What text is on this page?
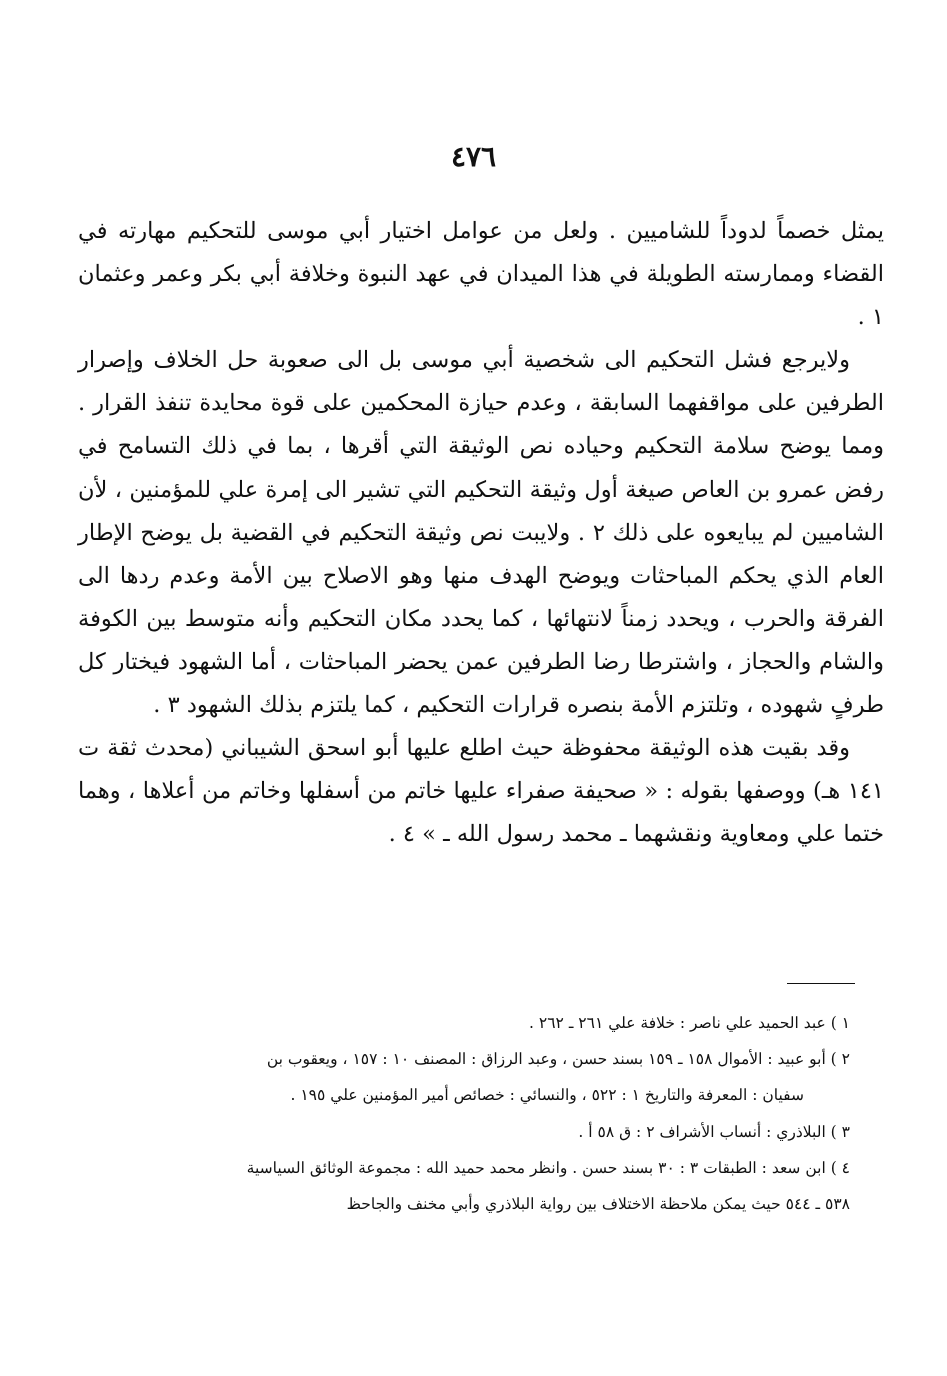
٤٧٦

يمثل خصماً لدوداً للشاميين . ولعل من عوامل اختيار أبي موسى للتحكيم مهارته في القضاء وممارسته الطويلة في هذا الميدان في عهد النبوة وخلافة أبي بكر وعمر وعثمان ١ .

ولايرجع فشل التحكيم الى شخصية أبي موسى بل الى صعوبة حل الخلاف وإصرار الطرفين على مواقفهما السابقة ، وعدم حيازة المحكمين على قوة محايدة تنفذ القرار . ومما يوضح سلامة التحكيم وحياده نص الوثيقة التي أقرها ، بما في ذلك التسامح في رفض عمرو بن العاص صيغة أول وثيقة التحكيم التي تشير الى إمرة علي للمؤمنين ، لأن الشاميين لم يبايعوه على ذلك ٢ . ولايبت نص وثيقة التحكيم في القضية بل يوضح الإطار العام الذي يحكم المباحثات ويوضح الهدف منها وهو الاصلاح بين الأمة وعدم ردها الى الفرقة والحرب ، ويحدد زمناً لانتهائها ، كما يحدد مكان التحكيم وأنه متوسط بين الكوفة والشام والحجاز ، واشترطا رضا الطرفين عمن يحضر المباحثات ، أما الشهود فيختار كل طرفٍ شهوده ، وتلتزم الأمة بنصره قرارات التحكيم ، كما يلتزم بذلك الشهود ٣ .

وقد بقيت هذه الوثيقة محفوظة حيث اطلع عليها أبو اسحق الشيباني (محدث ثقة ت ١٤١ هـ) ووصفها بقوله : « صحيفة صفراء عليها خاتم من أسفلها وخاتم من أعلاها ، وهما ختما علي ومعاوية ونقشهما ـ محمد رسول الله ـ » ٤ .

١ ) عبد الحميد علي ناصر : خلافة علي ٢٦١ ـ ٢٦٢ .

٢ ) أبو عبيد : الأموال ١٥٨ ـ ١٥٩ بسند حسن ، وعبد الرزاق : المصنف ١٠ : ١٥٧ ، ويعقوب بن

سفيان : المعرفة والتاريخ ١ : ٥٢٢ ، والنسائي : خصائص أمير المؤمنين علي ١٩٥ .

٣ ) البلاذري : أنساب الأشراف ٢ : ق ٥٨ أ .

٤ ) ابن سعد : الطبقات ٣ : ٣٠ بسند حسن . وانظر محمد حميد الله : مجموعة الوثائق السياسية

٥٣٨ ـ ٥٤٤ حيث يمكن ملاحظة الاختلاف بين رواية البلاذري وأبي مخنف والجاحظ
